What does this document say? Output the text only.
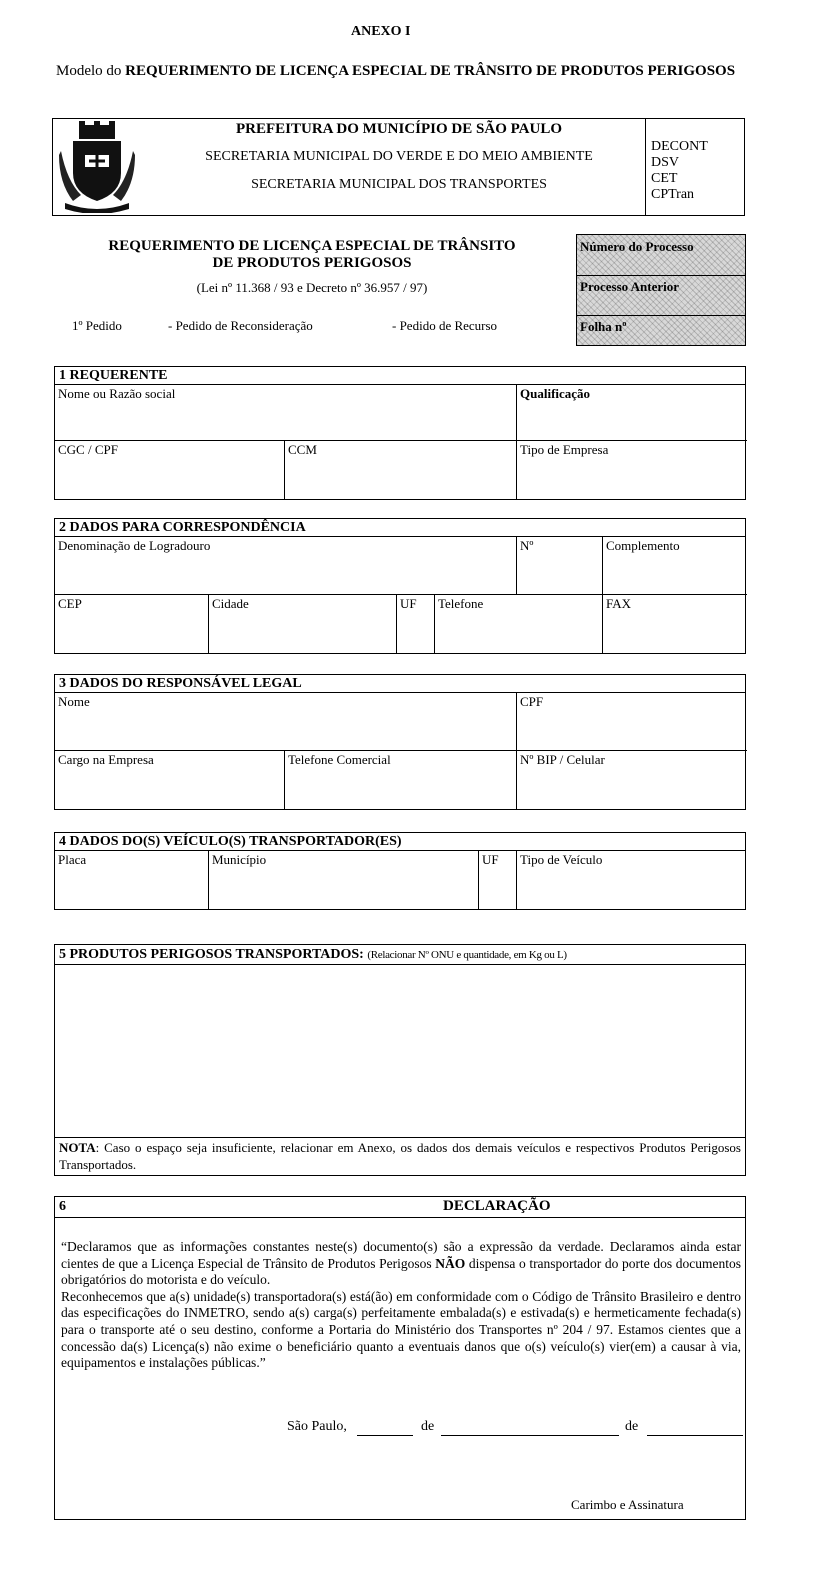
ANEXO I
Modelo do REQUERIMENTO DE LICENÇA ESPECIAL DE TRÂNSITO DE PRODUTOS PERIGOSOS
PREFEITURA DO MUNICÍPIO DE SÃO PAULO
SECRETARIA MUNICIPAL DO VERDE E DO MEIO AMBIENTE
SECRETARIA MUNICIPAL DOS TRANSPORTES
DECONT
DSV
CET
CPTran
REQUERIMENTO DE LICENÇA ESPECIAL DE TRÂNSITO
DE PRODUTOS PERIGOSOS
(Lei nº 11.368 / 93 e Decreto nº 36.957 / 97)
1º Pedido	- Pedido de Reconsideração	- Pedido de Recurso
Número do Processo
Processo Anterior
Folha nº
1 REQUERENTE
Nome ou Razão social	Qualificação
CGC / CPF	CCM	Tipo de Empresa
2 DADOS PARA CORRESPONDÊNCIA
Denominação de Logradouro	Nº	Complemento
CEP	Cidade	UF Telefone	FAX
3 DADOS DO RESPONSÁVEL LEGAL
Nome	CPF
Cargo na Empresa	Telefone Comercial	Nº BIP / Celular
4 DADOS DO(S) VEÍCULO(S) TRANSPORTADOR(ES)
Placa	Município	UF Tipo de Veículo
5 PRODUTOS PERIGOSOS TRANSPORTADOS: (Relacionar Nº ONU e quantidade, em Kg ou L)
NOTA: Caso o espaço seja insuficiente, relacionar em Anexo, os dados dos demais veículos e respectivos Produtos Perigosos Transportados.
6	DECLARAÇÃO
“Declaramos que as informações constantes neste(s) documento(s) são a expressão da verdade. Declaramos ainda estar cientes de que a Licença Especial de Trânsito de Produtos Perigosos NÃO dispensa o transportador do porte dos documentos obrigatórios do motorista e do veículo.
Reconhecemos que a(s) unidade(s) transportadora(s) está(ão) em conformidade com o Código de Trânsito Brasileiro e dentro das especificações do INMETRO, sendo a(s) carga(s) perfeitamente embalada(s) e estivada(s) e hermeticamente fechada(s) para o transporte até o seu destino, conforme a Portaria do Ministério dos Transportes nº 204 / 97. Estamos cientes que a concessão da(s) Licença(s) não exime o beneficiário quanto a eventuais danos que o(s) veículo(s) vier(em) a causar à via, equipamentos e instalações públicas.”
São Paulo,	de	de
Carimbo e Assinatura
